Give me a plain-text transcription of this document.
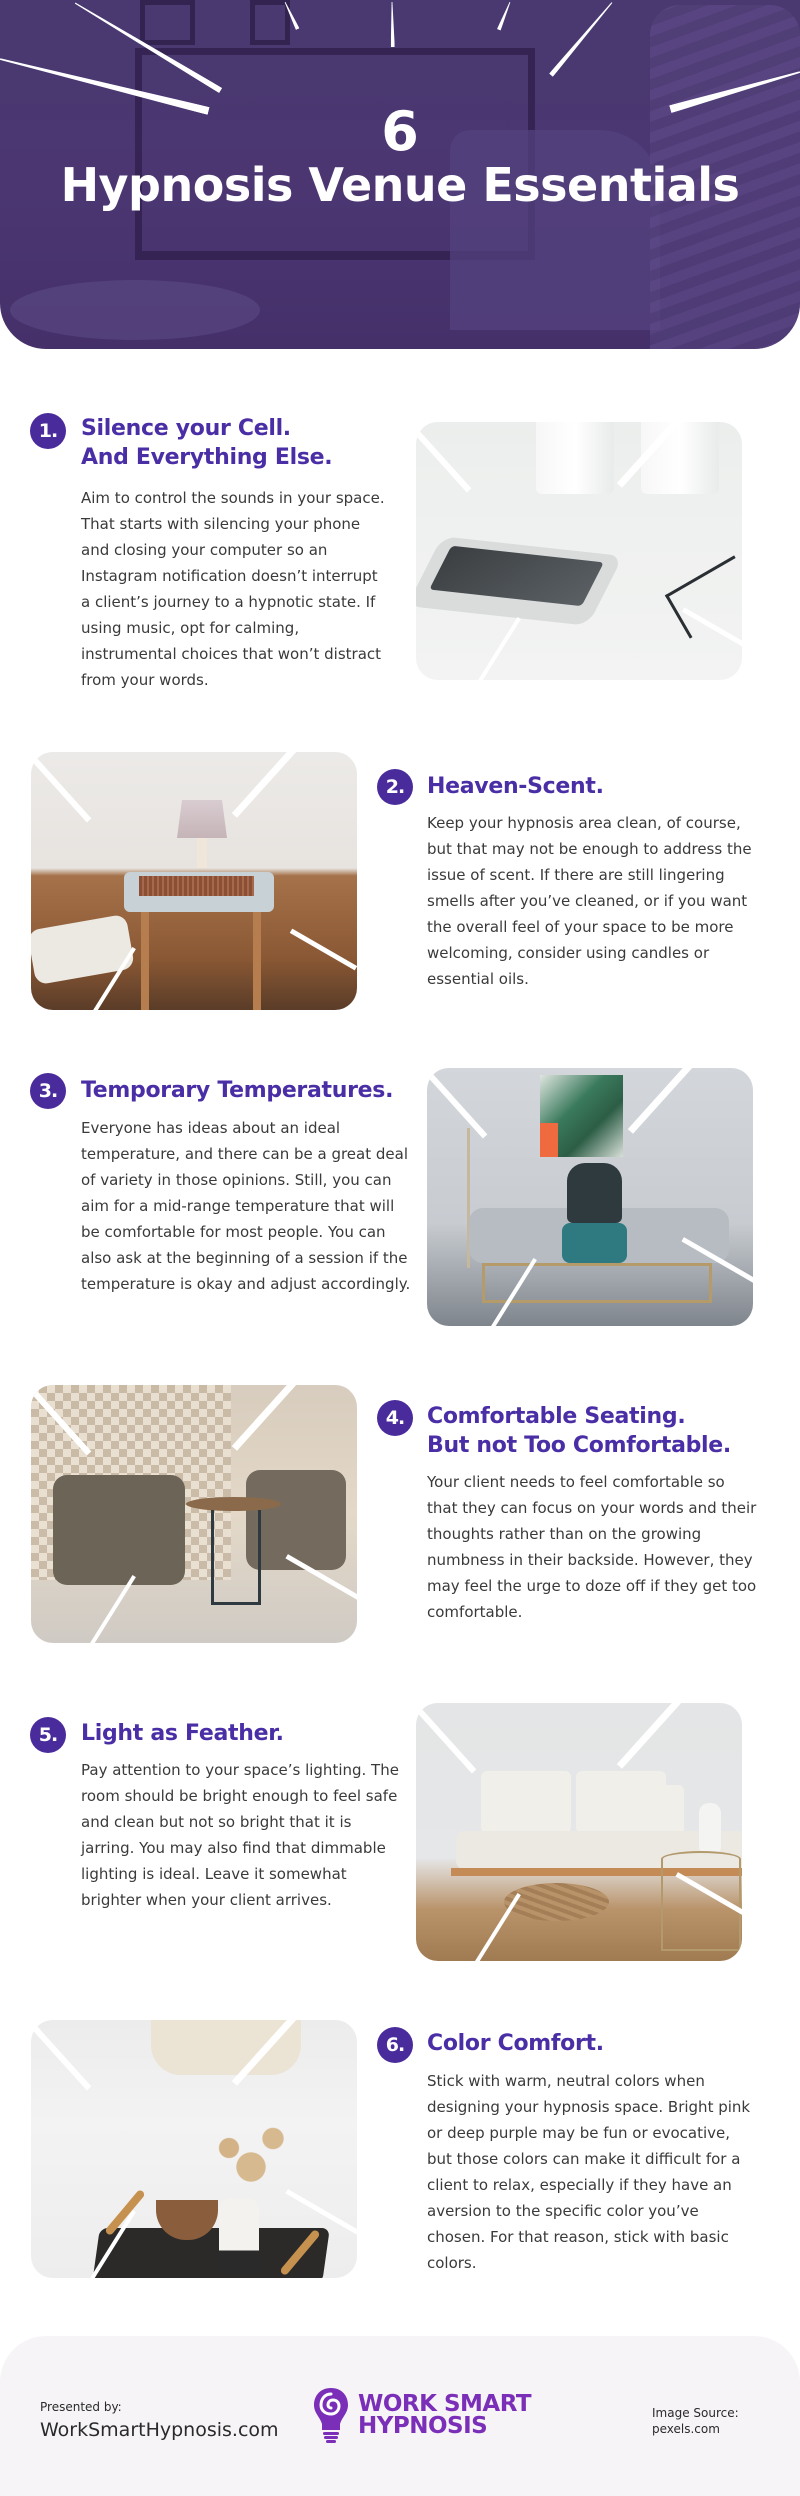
6
Hypnosis Venue Essentials
1.	Silence your Cell.
And Everything Else.
Aim to control the sounds in your space. That starts with silencing your phone and closing your computer so an Instagram notification doesn’t interrupt a client’s journey to a hypnotic state. If using music, opt for calming, instrumental choices that won’t distract from your words.
2.	Heaven-Scent.
Keep your hypnosis area clean, of course, but that may not be enough to address the issue of scent. If there are still lingering smells after you’ve cleaned, or if you want the overall feel of your space to be more welcoming, consider using candles or essential oils.
3.	Temporary Temperatures.
Everyone has ideas about an ideal temperature, and there can be a great deal of variety in those opinions. Still, you can aim for a mid-range temperature that will be comfortable for most people. You can also ask at the beginning of a session if the temperature is okay and adjust accordingly.
4.	Comfortable Seating.
But not Too Comfortable.
Your client needs to feel comfortable so that they can focus on your words and their thoughts rather than on the growing numbness in their backside. However, they may feel the urge to doze off if they get too comfortable.
5.	Light as Feather.
Pay attention to your space’s lighting. The room should be bright enough to feel safe and clean but not so bright that it is jarring. You may also find that dimmable lighting is ideal. Leave it somewhat brighter when your client arrives.
6.	Color Comfort.
Stick with warm, neutral colors when designing your hypnosis space. Bright pink or deep purple may be fun or evocative, but those colors can make it difficult for a client to relax, especially if they have an aversion to the specific color you’ve chosen. For that reason, stick with basic colors.
Presented by:
WorkSmartHypnosis.com
WORK SMART
HYPNOSIS	Image Source:
pexels.com
